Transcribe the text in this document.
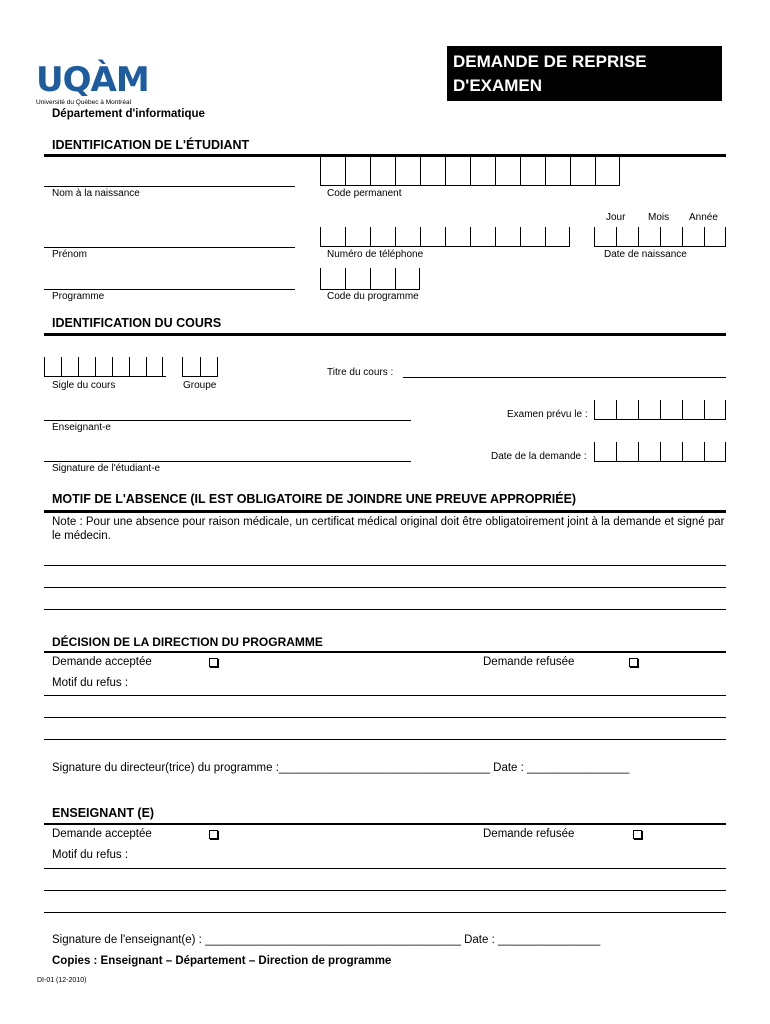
UQÀM
Université du Québec à Montréal
Département d'informatique
DEMANDE DE REPRISE
D'EXAMEN
IDENTIFICATION DE L'ÉTUDIANT
Nom à la naissance	Code permanent
Jour Mois Année
Prénom	Numéro de téléphone	Date de naissance
Programme	Code du programme
IDENTIFICATION DU COURS
Sigle du cours	Groupe
Titre du cours :
Enseignant-e
Examen prévu le :
Signature de l'étudiant-e
Date de la demande :
MOTIF DE L'ABSENCE (IL EST OBLIGATOIRE DE JOINDRE UNE PREUVE APPROPRIÉE)
Note : Pour une absence pour raison médicale, un certificat médical original doit être obligatoirement joint à la demande et signé par le médecin.
DÉCISION DE LA DIRECTION DU PROGRAMME
Demande acceptée	Demande refusée
Motif du refus :
Signature du directeur(trice) du programme :_________________________________ Date : ________________
ENSEIGNANT (E)
Demande acceptée	Demande refusée
Motif du refus :
Signature de l'enseignant(e) : ________________________________________ Date : ________________
Copies : Enseignant – Département – Direction de programme
DI-01 (12-2010)
